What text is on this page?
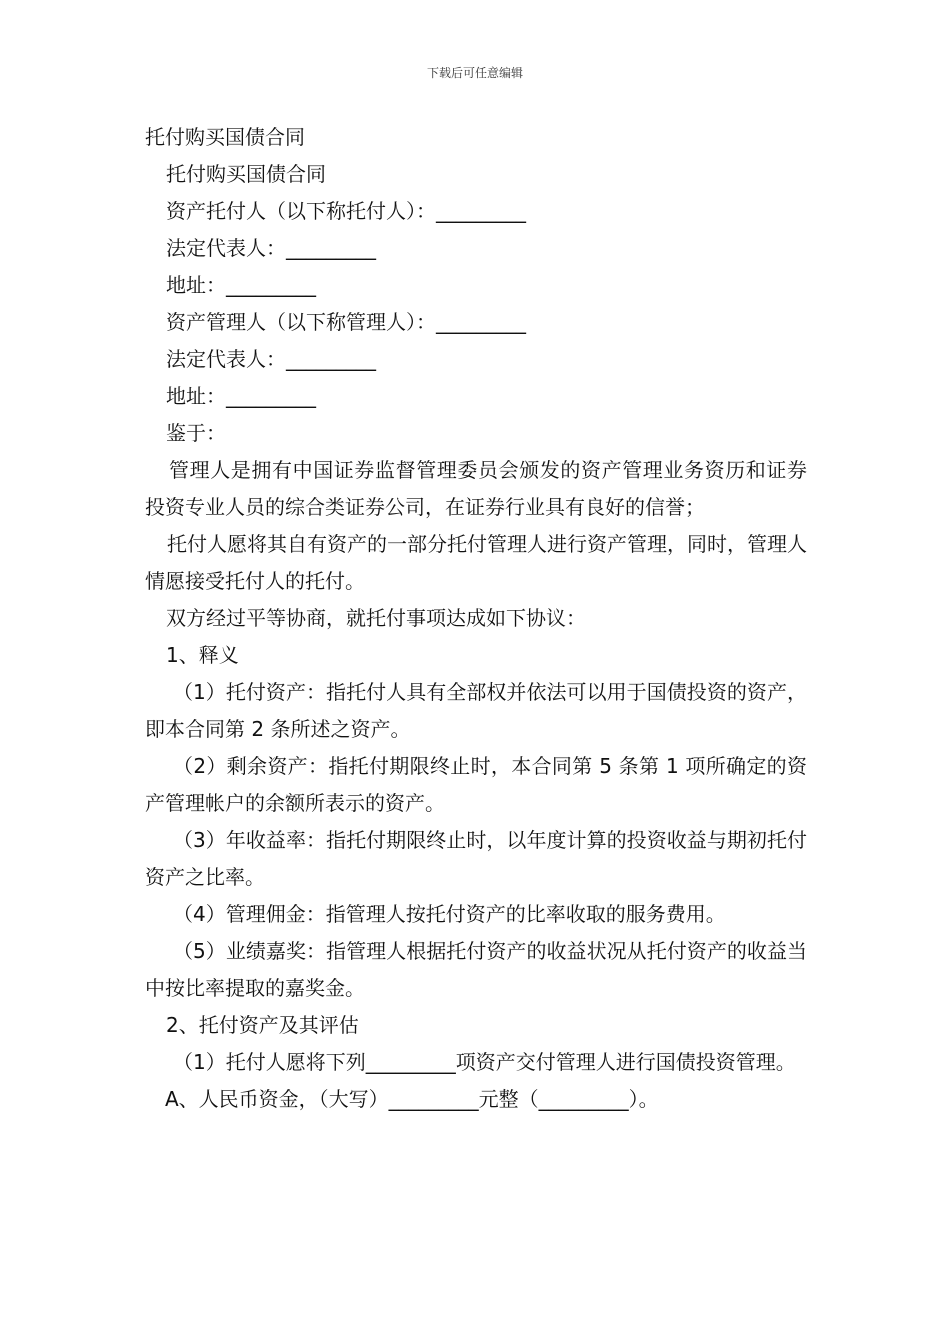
下载后可任意编辑
托付购买国债合同
托付购买国债合同
资产托付人（以下称托付人）：_________
法定代表人：_________
地址：_________
资产管理人（以下称管理人）：_________
法定代表人：_________
地址：_________
鉴于：
管理人是拥有中国证券监督管理委员会颁发的资产管理业务资历和证券投资专业人员的综合类证券公司，在证券行业具有良好的信誉；
托付人愿将其自有资产的一部分托付管理人进行资产管理，同时，管理人情愿接受托付人的托付。
双方经过平等协商，就托付事项达成如下协议：
1、释义
（1）托付资产：指托付人具有全部权并依法可以用于国债投资的资产，即本合同第 2 条所述之资产。
（2）剩余资产：指托付期限终止时，本合同第 5 条第 1 项所确定的资产管理帐户的余额所表示的资产。
（3）年收益率：指托付期限终止时，以年度计算的投资收益与期初托付资产之比率。
（4）管理佣金：指管理人按托付资产的比率收取的服务费用。
（5）业绩嘉奖：指管理人根据托付资产的收益状况从托付资产的收益当中按比率提取的嘉奖金。
2、托付资产及其评估
（1）托付人愿将下列_________项资产交付管理人进行国债投资管理。
A、人民币资金，（大写）_________元整（_________）。
